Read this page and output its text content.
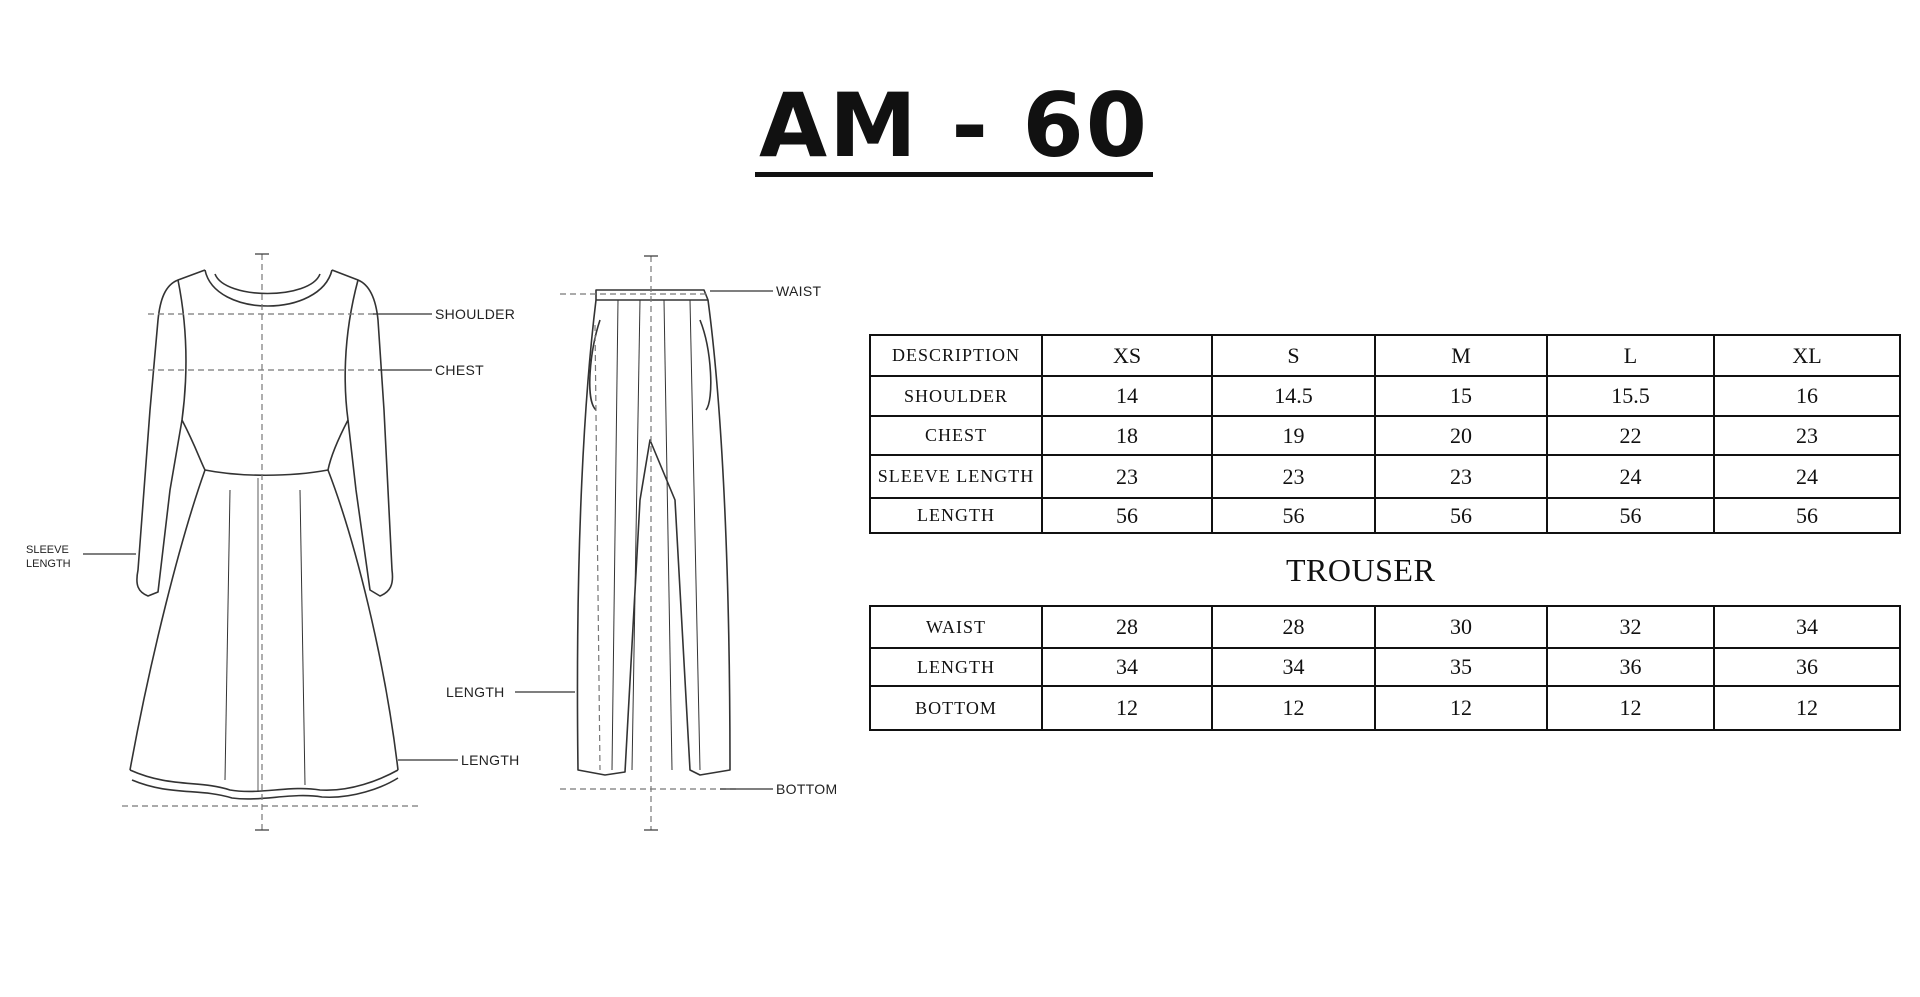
AM - 60
SHOULDER
CHEST
SLEEVE
LENGTH
LENGTH
WAIST
LENGTH
BOTTOM
DESCRIPTION	XS	S	M	L	XL
SHOULDER	14	14.5	15	15.5	16
CHEST	18	19	20	22	23
SLEEVE LENGTH	23	23	23	24	24
LENGTH	56	56	56	56	56
TROUSER
WAIST	28	28	30	32	34
LENGTH	34	34	35	36	36
BOTTOM	12	12	12	12	12
